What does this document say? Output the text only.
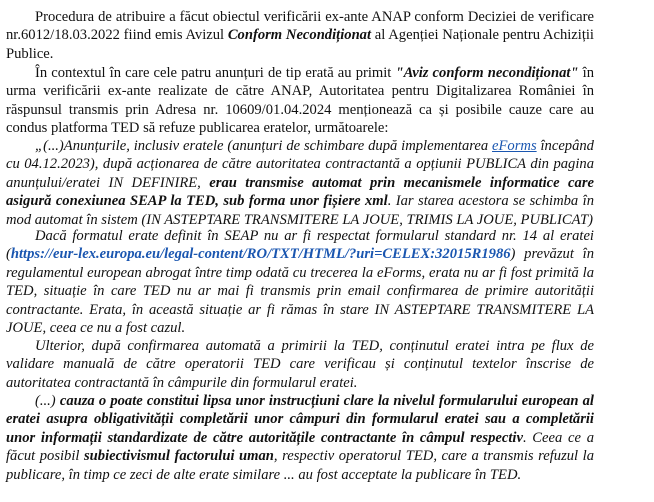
Procedura de atribuire a făcut obiectul verificării ex-ante ANAP conform Deciziei de verificare nr.6012/18.03.2022 fiind emis Avizul Conform Necondiționat al Agenției Naționale pentru Achiziții Publice.
În contextul în care cele patru anunțuri de tip erată au primit "Aviz conform necondiționat" în urma verificării ex-ante realizate de către ANAP, Autoritatea pentru Digitalizarea României în răspunsul transmis prin Adresa nr. 10609/01.04.2024 menționează ca și posibile cauze care au condus platforma TED să refuze publicarea eratelor, următoarele:
„(...)Anunțurile, inclusiv eratele (anunțuri de schimbare după implementarea eForms începând cu 04.12.2023), după acționarea de către autoritatea contractantă a opțiunii PUBLICA din pagina anunțului/eratei IN DEFINIRE, erau transmise automat prin mecanismele informatice care asigură conexiunea SEAP la TED, sub forma unor fișiere xml. Iar starea acestora se schimba în mod automat în sistem (IN ASTEPTARE TRANSMITERE LA JOUE, TRIMIS LA JOUE, PUBLICAT)
Dacă formatul erate definit în SEAP nu ar fi respectat formularul standard nr. 14 al eratei (https://eur-lex.europa.eu/legal-content/RO/TXT/HTML/?uri=CELEX:32015R1986) prevăzut în regulamentul european abrogat între timp odată cu trecerea la eForms, erata nu ar fi fost primită la TED, situație în care TED nu ar mai fi transmis prin email confirmarea de primire autorității contractante. Erata, în această situație ar fi rămas în stare IN ASTEPTARE TRANSMITERE LA JOUE, ceea ce nu a fost cazul.
Ulterior, după confirmarea automată a primirii la TED, conținutul eratei intra pe flux de validare manuală de către operatorii TED care verificau și conținutul textelor înscrise de autoritatea contractantă în câmpurile din formularul eratei.
(...) cauza o poate constitui lipsa unor instrucțiuni clare la nivelul formularului european al eratei asupra obligativității completării unor câmpuri din formularul eratei sau a completării unor informații standardizate de către autoritățile contractante în câmpul respectiv. Ceea ce a făcut posibil subiectivismul factorului uman, respectiv operatorul TED, care a transmis refuzul la publicare, în timp ce zeci de alte erate similare ... au fost acceptate la publicare în TED.
